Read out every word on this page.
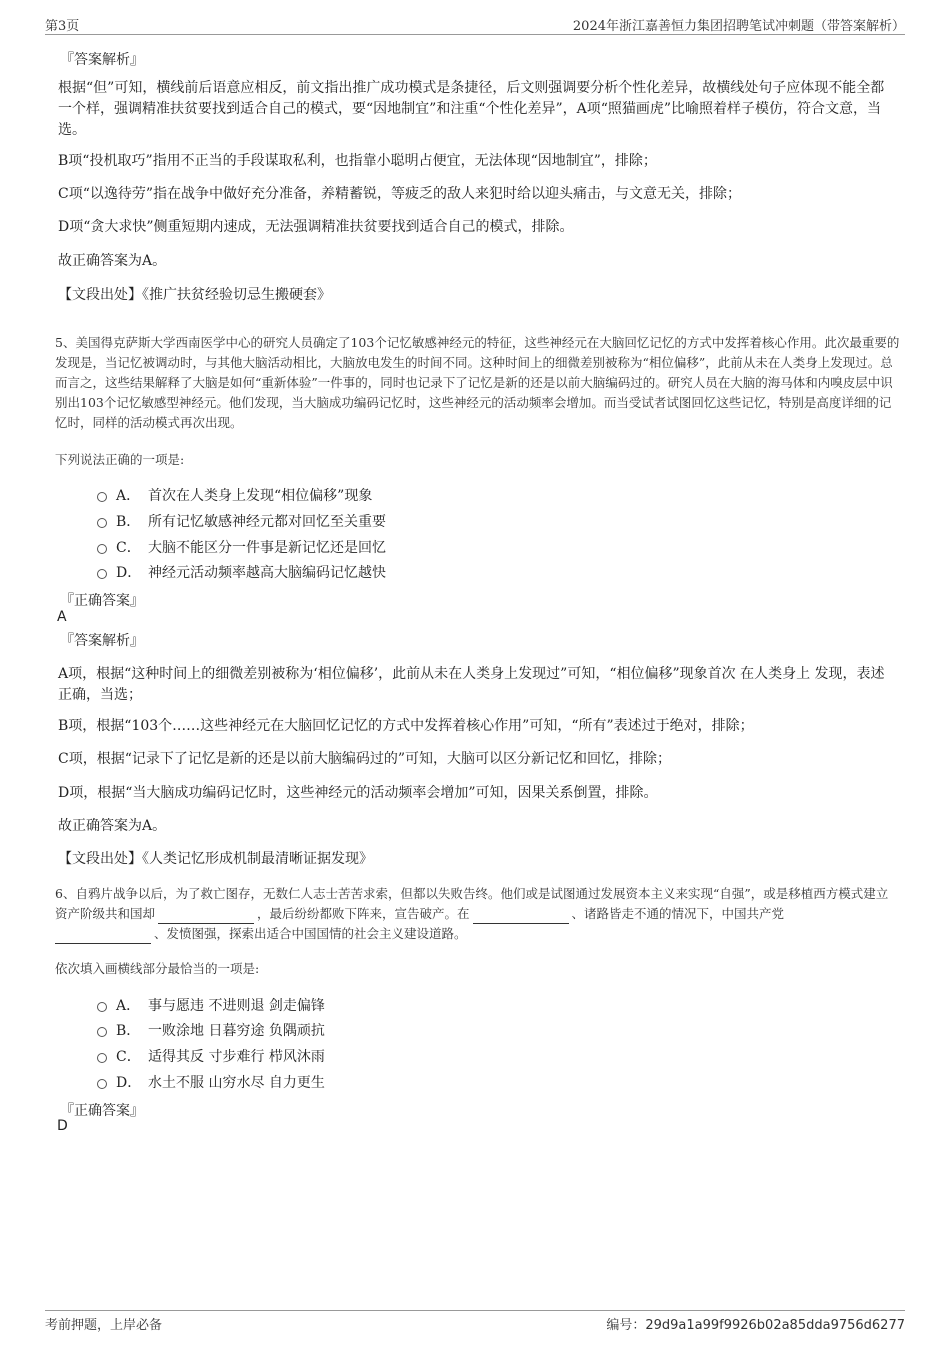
第3页	2024年浙江嘉善恒力集团招聘笔试冲刺题（带答案解析）
『答案解析』
根据“但”可知，横线前后语意应相反，前文指出推广成功模式是条捷径，后文则强调要分析个性化差异，故横线处句子应体现不能全都一个样，强调精准扶贫要找到适合自己的模式，要“因地制宜”和注重“个性化差异”，A项“照猫画虎”比喻照着样子模仿，符合文意，当选。
B项“投机取巧”指用不正当的手段谋取私利，也指靠小聪明占便宜，无法体现“因地制宜”，排除；
C项“以逸待劳”指在战争中做好充分准备，养精蓄锐，等疲乏的敌人来犯时给以迎头痛击，与文意无关，排除；
D项“贪大求快”侧重短期内速成，无法强调精准扶贫要找到适合自己的模式，排除。
故正确答案为A。
【文段出处】《推广扶贫经验切忌生搬硬套》
5、美国得克萨斯大学西南医学中心的研究人员确定了103个记忆敏感神经元的特征，这些神经元在大脑回忆记忆的方式中发挥着核心作用。此次最重要的发现是，当记忆被调动时，与其他大脑活动相比，大脑放电发生的时间不同。这种时间上的细微差别被称为“相位偏移”，此前从未在人类身上发现过。总而言之，这些结果解释了大脑是如何“重新体验”一件事的，同时也记录下了记忆是新的还是以前大脑编码过的。研究人员在大脑的海马体和内嗅皮层中识别出103个记忆敏感型神经元。他们发现，当大脑成功编码记忆时，这些神经元的活动频率会增加。而当受试者试图回忆这些记忆，特别是高度详细的记忆时，同样的活动模式再次出现。
下列说法正确的一项是:
A． 首次在人类身上发现“相位偏移”现象
B． 所有记忆敏感神经元都对回忆至关重要
C． 大脑不能区分一件事是新记忆还是回忆
D． 神经元活动频率越高大脑编码记忆越快
『正确答案』
A
『答案解析』
A项，根据“这种时间上的细微差别被称为‘相位偏移’，此前从未在人类身上发现过”可知，“相位偏移”现象首次 在人类身上 发现，表述正确，当选；
B项，根据“103个……这些神经元在大脑回忆记忆的方式中发挥着核心作用”可知，“所有”表述过于绝对，排除；
C项，根据“记录下了记忆是新的还是以前大脑编码过的”可知，大脑可以区分新记忆和回忆，排除；
D项，根据“当大脑成功编码记忆时，这些神经元的活动频率会增加”可知，因果关系倒置，排除。
故正确答案为A。
【文段出处】《人类记忆形成机制最清晰证据发现》
6、自鸦片战争以后，为了救亡图存，无数仁人志士苦苦求索，但都以失败告终。他们或是试图通过发展资本主义来实现“自强”，或是移植西方模式建立资产阶级共和国却	，最后纷纷都败下阵来，宣告破产。在	、诸路皆走不通的情况下，中国共产党
、发愤图强，探索出适合中国国情的社会主义建设道路。
依次填入画横线部分最恰当的一项是:
A． 事与愿违 不进则退 剑走偏锋
B． 一败涂地 日暮穷途 负隅顽抗
C． 适得其反 寸步难行 栉风沐雨
D． 水土不服 山穷水尽 自力更生
『正确答案』
D
考前押题，上岸必备	编号：29d9a1a99f9926b02a85dda9756d6277
